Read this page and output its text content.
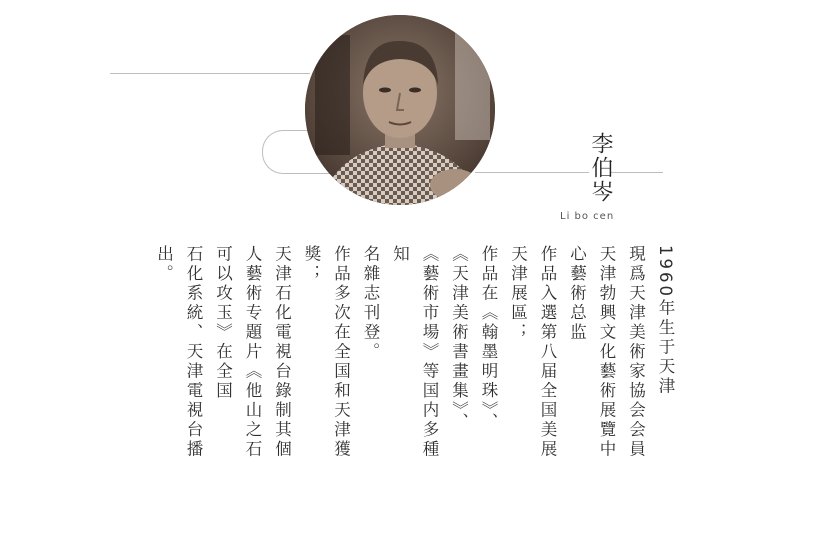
李伯岑
Li bo cen

1960年生于天津

現爲天津美術家協会会員

天津勃興文化藝術展覽中

心藝術总监

作品入選第八届全国美展

天津展區；

作品在《翰墨明珠》、

《天津美術書畫集》、

《藝術市場》等国内多種

知

名雜志刊登。

作品多次在全国和天津獲

獎；

天津石化電視台錄制其個

人藝術专題片《他山之石

可以攻玉》在全国

石化系統、天津電視台播

出。
